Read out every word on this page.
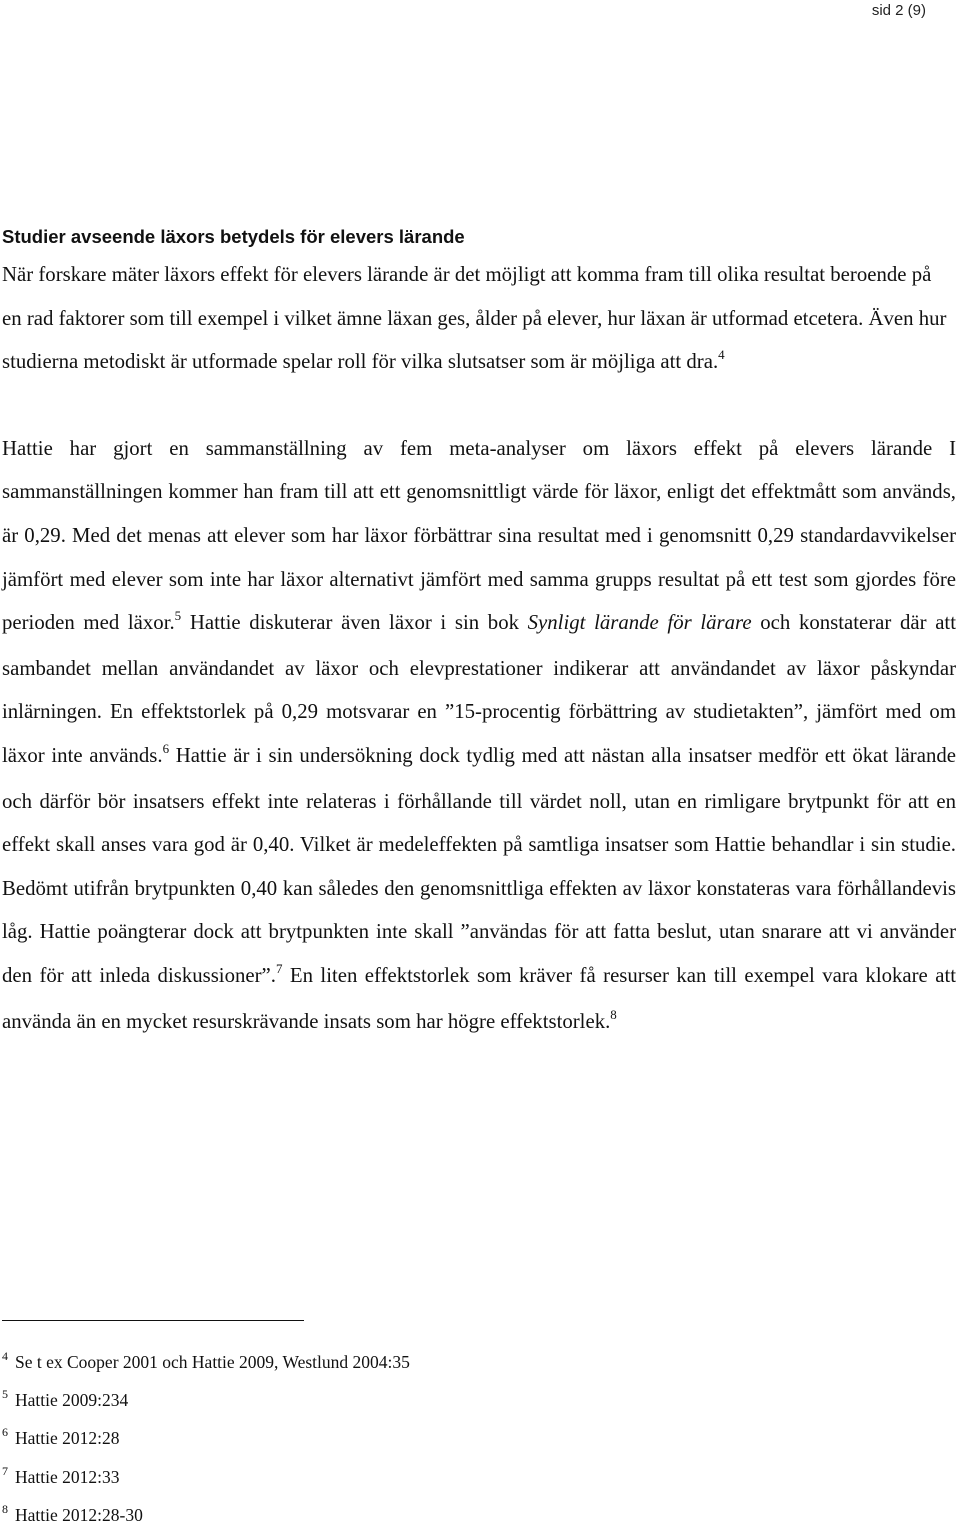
sid 2 (9)
Studier avseende läxors betydels för elevers lärande

När forskare mäter läxors effekt för elevers lärande är det möjligt att komma fram till olika resultat beroende på en rad faktorer som till exempel i vilket ämne läxan ges, ålder på elever, hur läxan är utformad etcetera. Även hur studierna metodiskt är utformade spelar roll för vilka slutsatser som är möjliga att dra.$^4$

Hattie har gjort en sammanställning av fem meta-analyser om läxors effekt på elevers lärande I sammanställningen kommer han fram till att ett genomsnittligt värde för läxor, enligt det effektmått som används, är 0,29. Med det menas att elever som har läxor förbättrar sina resultat med i genomsnitt 0,29 standardavvikelser jämfört med elever som inte har läxor alternativt jämfört med samma grupps resultat på ett test som gjordes före perioden med läxor.$^5$ Hattie diskuterar även läxor i sin bok Synligt lärande för lärare och konstaterar där att sambandet mellan användandet av läxor och elevprestationer indikerar att användandet av läxor påskyndar inlärningen. En effektstorlek på 0,29 motsvarar en ”15-procentig förbättring av studietakten”, jämfört med om läxor inte används.$^6$ Hattie är i sin undersökning dock tydlig med att nästan alla insatser medför ett ökat lärande och därför bör insatsers effekt inte relateras i förhållande till värdet noll, utan en rimligare brytpunkt för att en effekt skall anses vara god är 0,40. Vilket är medeleffekten på samtliga insatser som Hattie behandlar i sin studie. Bedömt utifrån brytpunkten 0,40 kan således den genomsnittliga effekten av läxor konstateras vara förhållandevis låg. Hattie poängterar dock att brytpunkten inte skall ”användas för att fatta beslut, utan snarare att vi använder den för att inleda diskussioner”.$^7$ En liten effektstorlek som kräver få resurser kan till exempel vara klokare att använda än en mycket resurskrävande insats som har högre effektstorlek.$^8$

$^4$ Se t ex Cooper 2001 och Hattie 2009, Westlund 2004:35
$^5$ Hattie 2009:234
$^6$ Hattie 2012:28
$^7$ Hattie 2012:33
$^8$ Hattie 2012:28-30
